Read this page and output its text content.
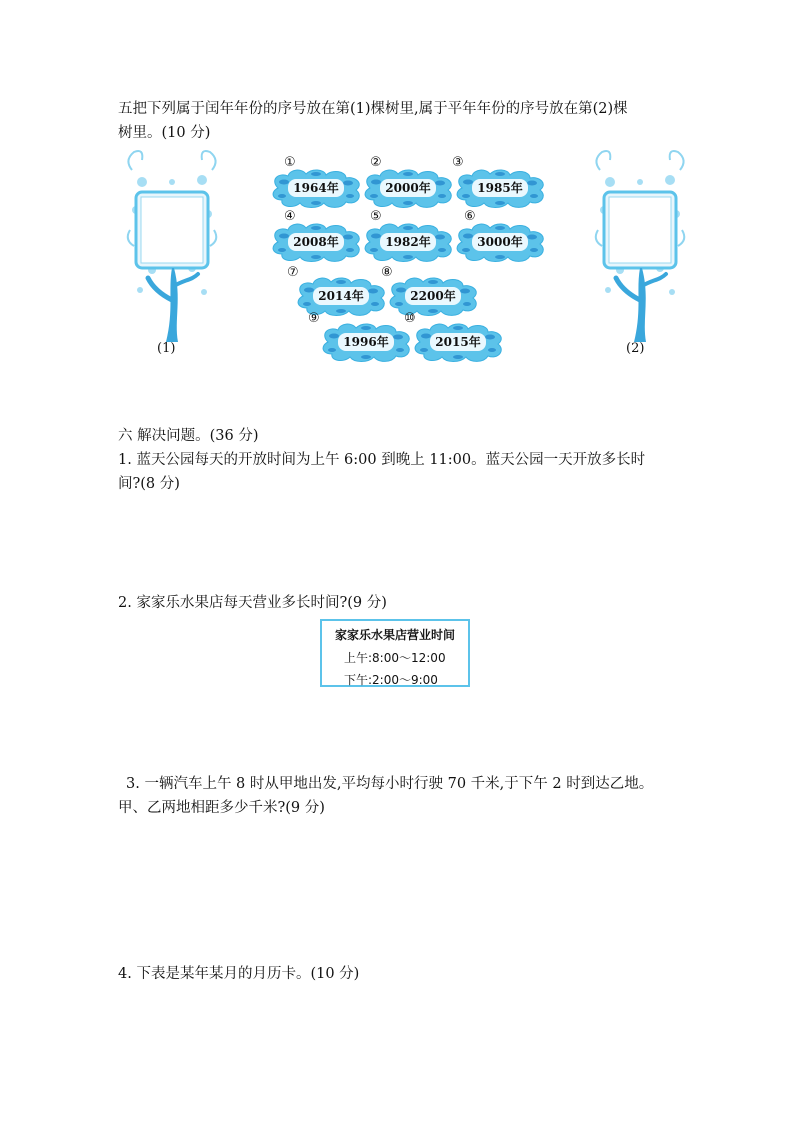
五把下列属于闰年年份的序号放在第(1)棵树里,属于平年年份的序号放在第(2)棵
树里。(10 分)
(1)	(2)
1964年
①
2000年
②
1985年
③
2008年
④
1982年
⑤
3000年
⑥
2014年
⑦
2200年
⑧
1996年
⑨
2015年
⑩
六 解决问题。(36 分)
1. 蓝天公园每天的开放时间为上午 6:00 到晚上 11:00。蓝天公园一天开放多长时
间?(8 分)
2. 家家乐水果店每天营业多长时间?(9 分)
家家乐水果店营业时间
上午:8:00～12:00
下午:2:00～9:00
3. 一辆汽车上午 8 时从甲地出发,平均每小时行驶 70 千米,于下午 2 时到达乙地。
甲、乙两地相距多少千米?(9 分)
4. 下表是某年某月的月历卡。(10 分)
